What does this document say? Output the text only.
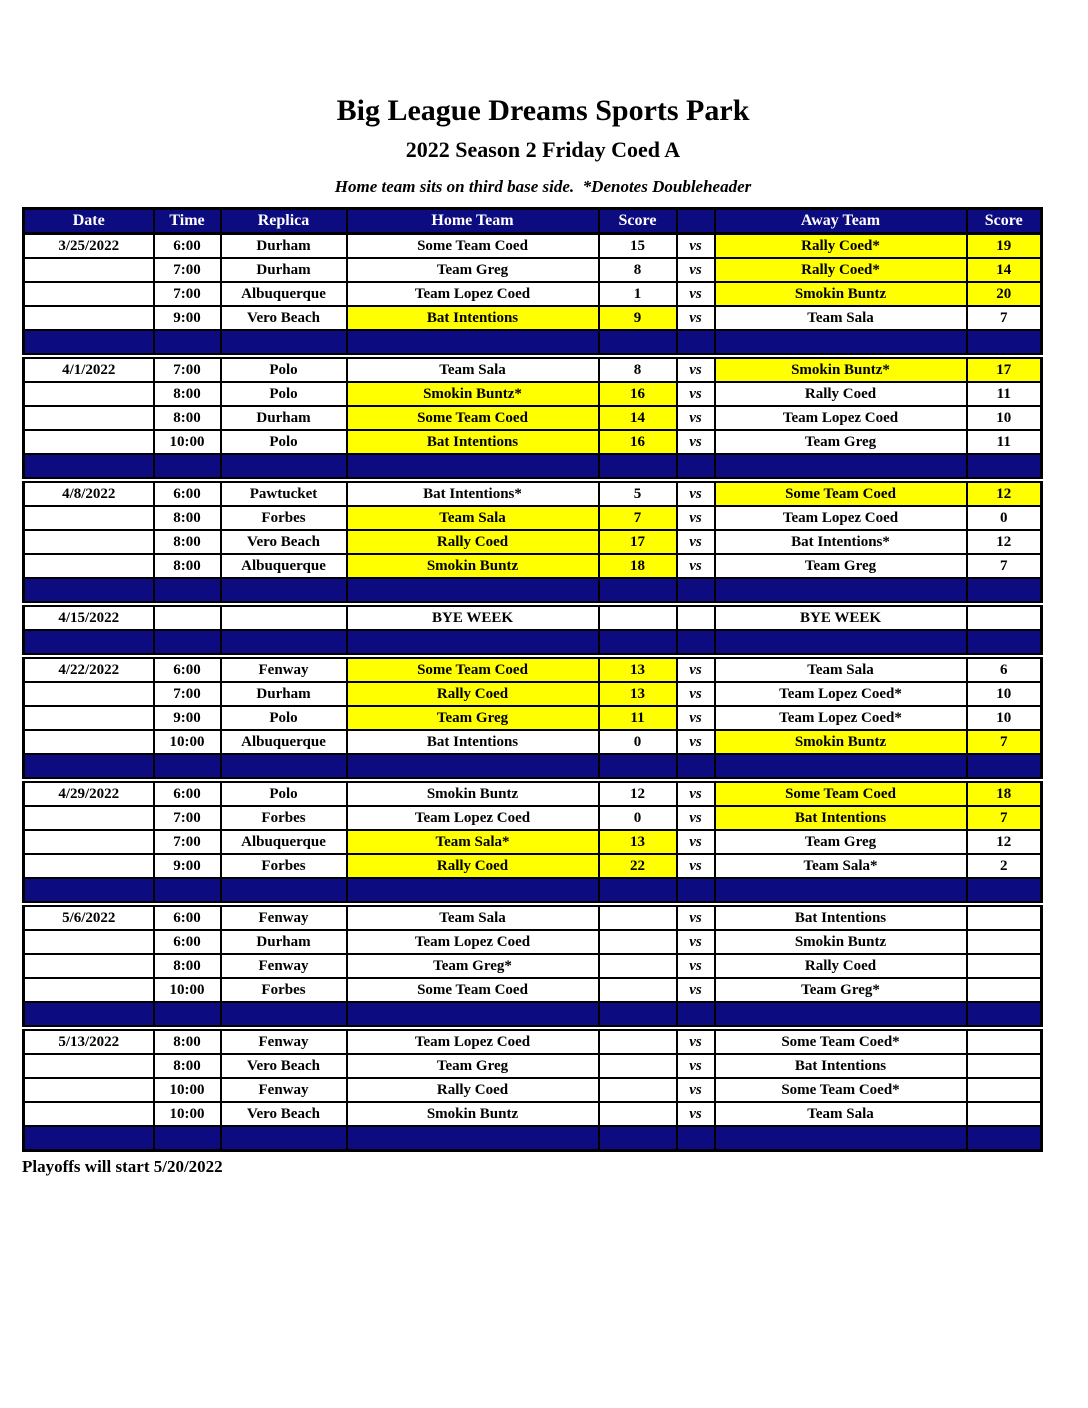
Big League Dreams Sports Park
2022 Season 2 Friday Coed A
Home team sits on third base side.  *Denotes Doubleheader
Date	Time	Replica	Home Team	Score		Away Team	Score
3/25/2022	6:00	Durham	Some Team Coed	15	vs	Rally Coed*	19
	7:00	Durham	Team Greg	8	vs	Rally Coed*	14
	7:00	Albuquerque	Team Lopez Coed	1	vs	Smokin Buntz	20
	9:00	Vero Beach	Bat Intentions	9	vs	Team Sala	7

4/1/2022	7:00	Polo	Team Sala	8	vs	Smokin Buntz*	17
	8:00	Polo	Smokin Buntz*	16	vs	Rally Coed	11
	8:00	Durham	Some Team Coed	14	vs	Team Lopez Coed	10
	10:00	Polo	Bat Intentions	16	vs	Team Greg	11

4/8/2022	6:00	Pawtucket	Bat Intentions*	5	vs	Some Team Coed	12
	8:00	Forbes	Team Sala	7	vs	Team Lopez Coed	0
	8:00	Vero Beach	Rally Coed	17	vs	Bat Intentions*	12
	8:00	Albuquerque	Smokin Buntz	18	vs	Team Greg	7

4/15/2022			BYE WEEK			BYE WEEK	

4/22/2022	6:00	Fenway	Some Team Coed	13	vs	Team Sala	6
	7:00	Durham	Rally Coed	13	vs	Team Lopez Coed*	10
	9:00	Polo	Team Greg	11	vs	Team Lopez Coed*	10
	10:00	Albuquerque	Bat Intentions	0	vs	Smokin Buntz	7

4/29/2022	6:00	Polo	Smokin Buntz	12	vs	Some Team Coed	18
	7:00	Forbes	Team Lopez Coed	0	vs	Bat Intentions	7
	7:00	Albuquerque	Team Sala*	13	vs	Team Greg	12
	9:00	Forbes	Rally Coed	22	vs	Team Sala*	2

5/6/2022	6:00	Fenway	Team Sala		vs	Bat Intentions	
	6:00	Durham	Team Lopez Coed		vs	Smokin Buntz	
	8:00	Fenway	Team Greg*		vs	Rally Coed	
	10:00	Forbes	Some Team Coed		vs	Team Greg*	

5/13/2022	8:00	Fenway	Team Lopez Coed		vs	Some Team Coed*	
	8:00	Vero Beach	Team Greg		vs	Bat Intentions	
	10:00	Fenway	Rally Coed		vs	Some Team Coed*	
	10:00	Vero Beach	Smokin Buntz		vs	Team Sala	

Playoffs will start 5/20/2022
